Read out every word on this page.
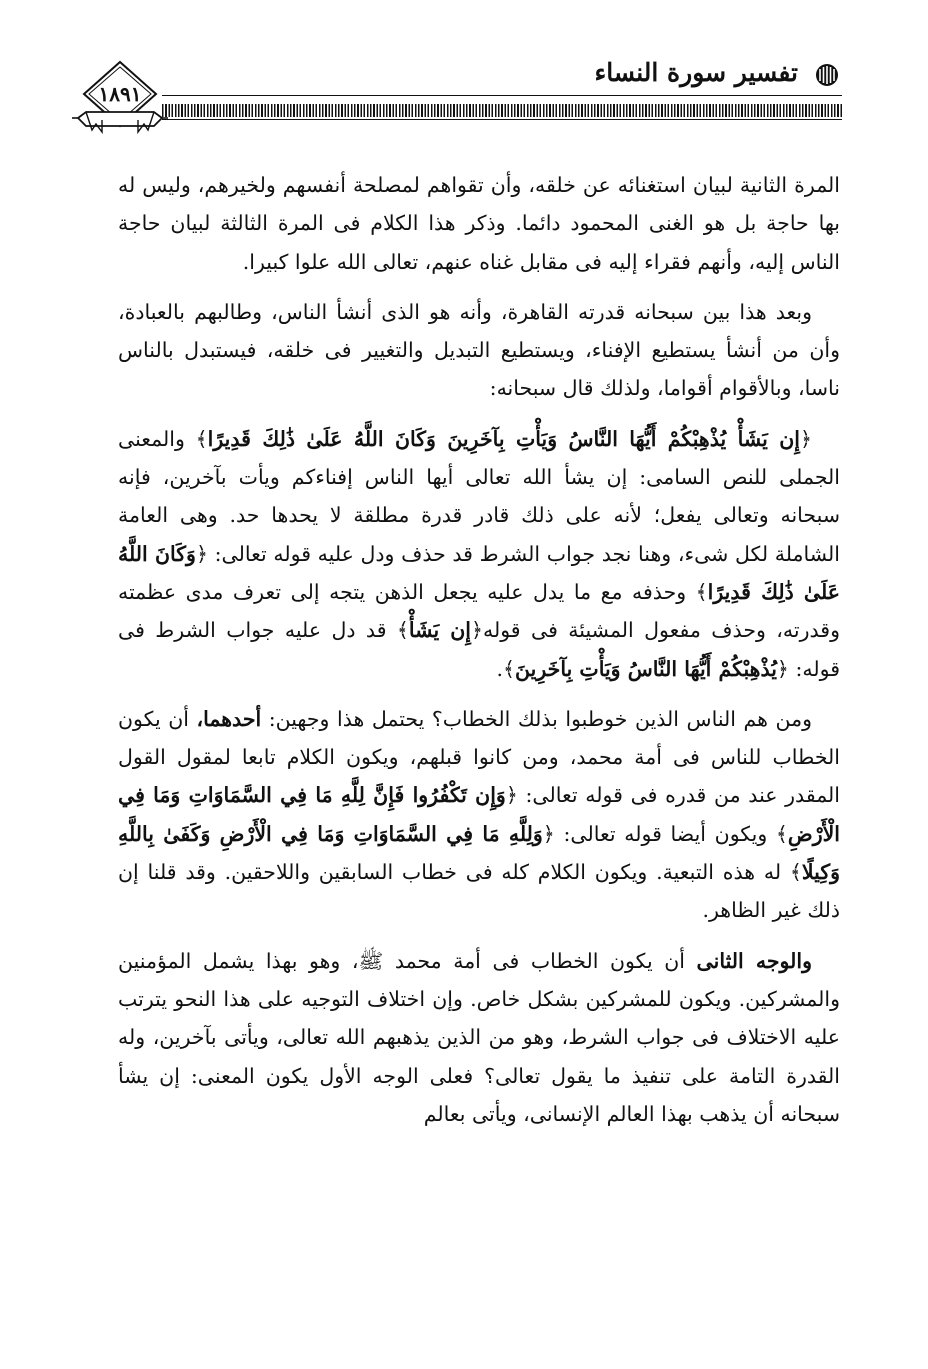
تفسير سورة النساء
١٨٩١

المرة الثانية لبيان استغنائه عن خلقه، وأن تقواهم لمصلحة أنفسهم ولخيرهم، وليس له بها حاجة بل هو الغنى المحمود دائما. وذكر هذا الكلام فى المرة الثالثة لبيان حاجة الناس إليه، وأنهم فقراء إليه فى مقابل غناه عنهم، تعالى الله علوا كبيرا.

وبعد هذا بين سبحانه قدرته القاهرة، وأنه هو الذى أنشأ الناس، وطالبهم بالعبادة، وأن من أنشأ يستطيع الإفناء، ويستطيع التبديل والتغيير فى خلقه، فيستبدل بالناس ناسا، وبالأقوام أقواما، ولذلك قال سبحانه:

﴿إِن يَشَأْ يُذْهِبْكُمْ أَيُّهَا النَّاسُ وَيَأْتِ بِآخَرِينَ وَكَانَ اللَّهُ عَلَىٰ ذَٰلِكَ قَدِيرًا﴾ والمعنى الجملى للنص السامى: إن يشأ الله تعالى أيها الناس إفناءكم ويأت بآخرين، فإنه سبحانه وتعالى يفعل؛ لأنه على ذلك قادر قدرة مطلقة لا يحدها حد. وهى العامة الشاملة لكل شىء، وهنا نجد جواب الشرط قد حذف ودل عليه قوله تعالى: ﴿وَكَانَ اللَّهُ عَلَىٰ ذَٰلِكَ قَدِيرًا﴾ وحذفه مع ما يدل عليه يجعل الذهن يتجه إلى تعرف مدى عظمته وقدرته، وحذف مفعول المشيئة فى قوله﴿إِن يَشَأْ﴾ قد دل عليه جواب الشرط فى قوله: ﴿يُذْهِبْكُمْ أَيُّهَا النَّاسُ وَيَأْتِ بِآخَرِينَ﴾.

ومن هم الناس الذين خوطبوا بذلك الخطاب؟ يحتمل هذا وجهين: أحدهما، أن يكون الخطاب للناس فى أمة محمد، ومن كانوا قبلهم، ويكون الكلام تابعا لمقول القول المقدر عند من قدره فى قوله تعالى: ﴿وَإِن تَكْفُرُوا فَإِنَّ لِلَّهِ مَا فِي السَّمَاوَاتِ وَمَا فِي الْأَرْضِ﴾ ويكون أيضا قوله تعالى: ﴿وَلِلَّهِ مَا فِي السَّمَاوَاتِ وَمَا فِي الْأَرْضِ وَكَفَىٰ بِاللَّهِ وَكِيلًا﴾ له هذه التبعية. ويكون الكلام كله فى خطاب السابقين واللاحقين. وقد قلنا إن ذلك غير الظاهر.

والوجه الثانى أن يكون الخطاب فى أمة محمد ﷺ، وهو بهذا يشمل المؤمنين والمشركين. ويكون للمشركين بشكل خاص. وإن اختلاف التوجيه على هذا النحو يترتب عليه الاختلاف فى جواب الشرط، وهو من الذين يذهبهم الله تعالى، ويأتى بآخرين، وله القدرة التامة على تنفيذ ما يقول تعالى؟ فعلى الوجه الأول يكون المعنى: إن يشأ سبحانه أن يذهب بهذا العالم الإنسانى، ويأتى بعالم
